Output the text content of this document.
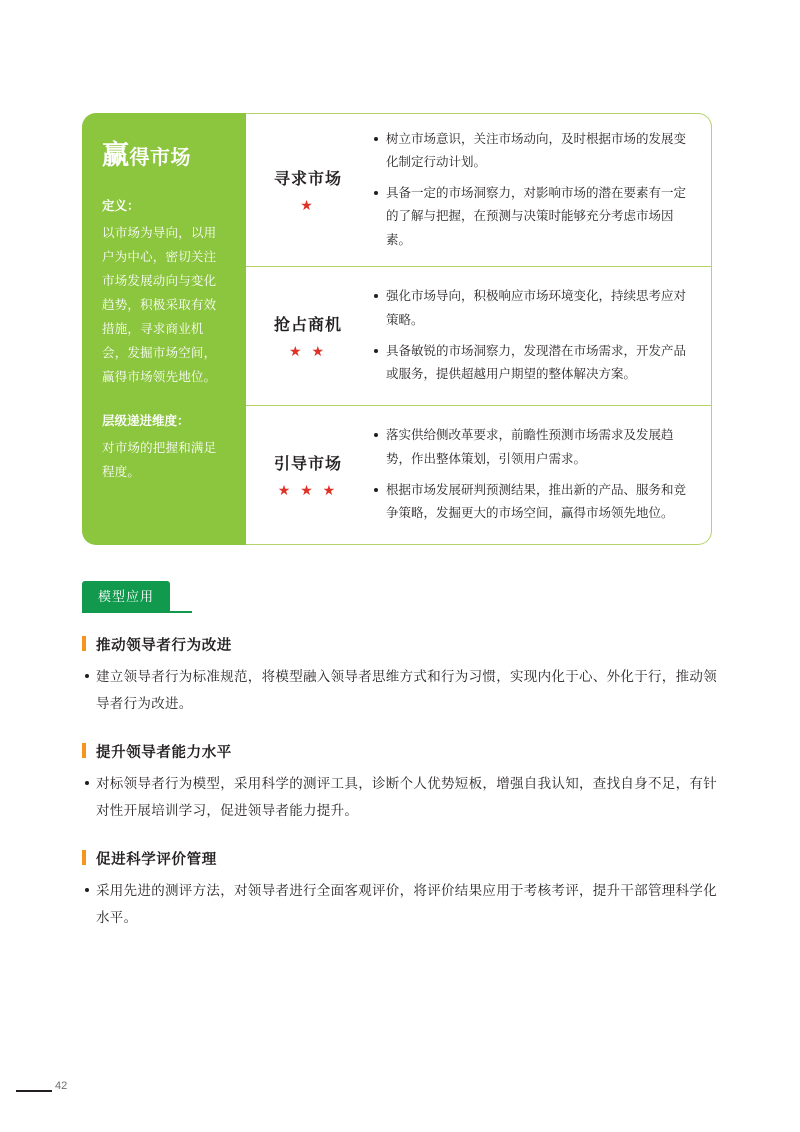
赢得市场
定义：
以市场为导向，以用户为中心，密切关注市场发展动向与变化趋势，积极采取有效措施，寻求商业机会，发掘市场空间，赢得市场领先地位。
层级递进维度：
对市场的把握和满足程度。
寻求市场
★
树立市场意识，关注市场动向，及时根据市场的发展变化制定行动计划。
具备一定的市场洞察力，对影响市场的潜在要素有一定的了解与把握，在预测与决策时能够充分考虑市场因素。
抢占商机
★ ★
强化市场导向，积极响应市场环境变化，持续思考应对策略。
具备敏锐的市场洞察力，发现潜在市场需求，开发产品或服务，提供超越用户期望的整体解决方案。
引导市场
★ ★ ★
落实供给侧改革要求，前瞻性预测市场需求及发展趋势，作出整体策划，引领用户需求。
根据市场发展研判预测结果，推出新的产品、服务和竞争策略，发掘更大的市场空间，赢得市场领先地位。
模型应用
推动领导者行为改进
建立领导者行为标准规范，将模型融入领导者思维方式和行为习惯，实现内化于心、外化于行，推动领导者行为改进。
提升领导者能力水平
对标领导者行为模型，采用科学的测评工具，诊断个人优势短板，增强自我认知，查找自身不足，有针对性开展培训学习，促进领导者能力提升。
促进科学评价管理
采用先进的测评方法，对领导者进行全面客观评价，将评价结果应用于考核考评，提升干部管理科学化水平。
42
